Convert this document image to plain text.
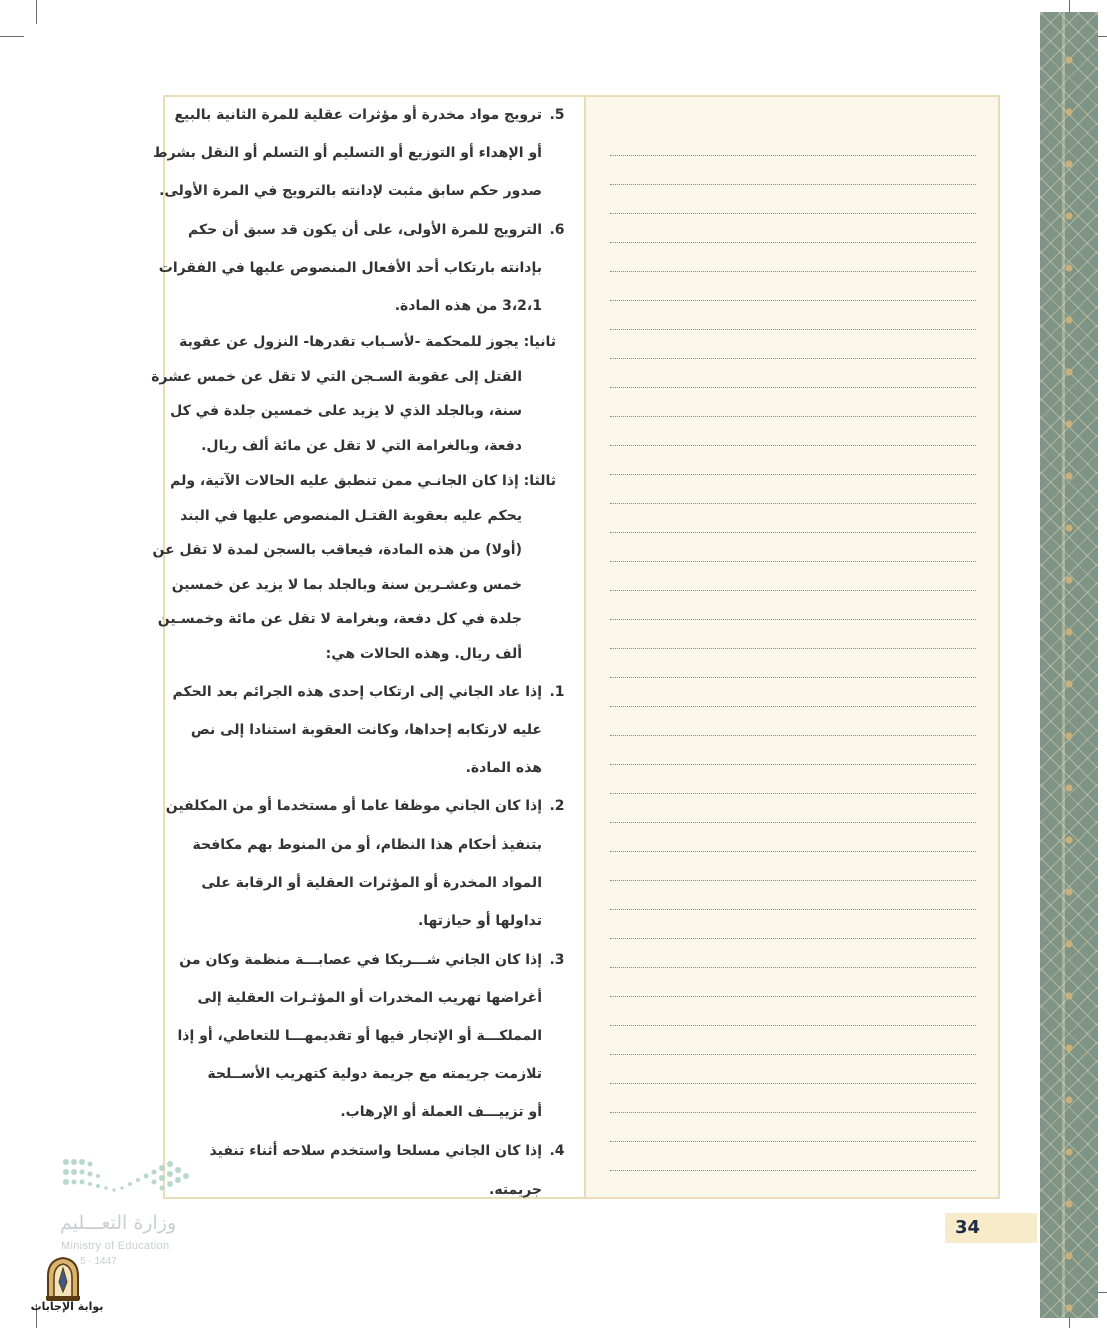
.5
ترويج مواد مخدرة أو مؤثرات عقلية للمرة الثانية بالبيع
أو الإهداء أو التوزيع أو التسليم أو التسلم أو النقل بشرط
صدور حكم سابق مثبت لإدانته بالترويج في المرة الأولى.
.6
الترويج للمرة الأولى، على أن يكون قد سبق أن حكم
بإدانته بارتكاب أحد الأفعال المنصوص عليها في الفقرات
3،2،1 من هذه المادة.
ثانيا: يجوز للمحكمة -لأسـباب تقدرها- النزول عن عقوبة
القتل إلى عقوبة السـجن التي لا تقل عن خمس عشرة
سنة، وبالجلد الذي لا يزيد على خمسين جلدة في كل
دفعة، وبالغرامة التي لا تقل عن مائة ألف ريال.
ثالثا: إذا كان الجانـي ممن تنطبق عليه الحالات الآتية، ولم
يحكم عليه بعقوبة القتـل المنصوص عليها في البند
(أولا) من هذه المادة، فيعاقب بالسجن لمدة لا تقل عن
خمس وعشـرين سنة وبالجلد بما لا يزيد عن خمسين
جلدة في كل دفعة، وبغرامة لا تقل عن مائة وخمسـين
ألف ريال. وهذه الحالات هي:
.1
إذا عاد الجاني إلى ارتكاب إحدى هذه الجرائم بعد الحكم
عليه لارتكابه إحداها، وكانت العقوبة استنادا إلى نص
هذه المادة.
.2
إذا كان الجاني موظفا عاما أو مستخدما أو من المكلفين
بتنفيذ أحكام هذا النظام، أو من المنوط بهم مكافحة
المواد المخدرة أو المؤثرات العقلية أو الرقابة على
تداولها أو حيازتها.
.3
إذا كان الجاني شـــريكا في عصابـــة منظمة وكان من
أغراضها تهريب المخدرات أو المؤثـرات العقلية إلى
المملكـــة أو الإتجار فيها أو تقديمهـــا للتعاطي، أو إذا
تلازمت جريمته مع جريمة دولية كتهريب الأســلحة
أو تزييـــف العملة أو الإرهاب.
.4
إذا كان الجاني مسلحا واستخدم سلاحه أثناء تنفيذ
جريمته.
وزارة التعـــليم
Ministry of Education
5 - 1447
بوابة الإجابات
34
